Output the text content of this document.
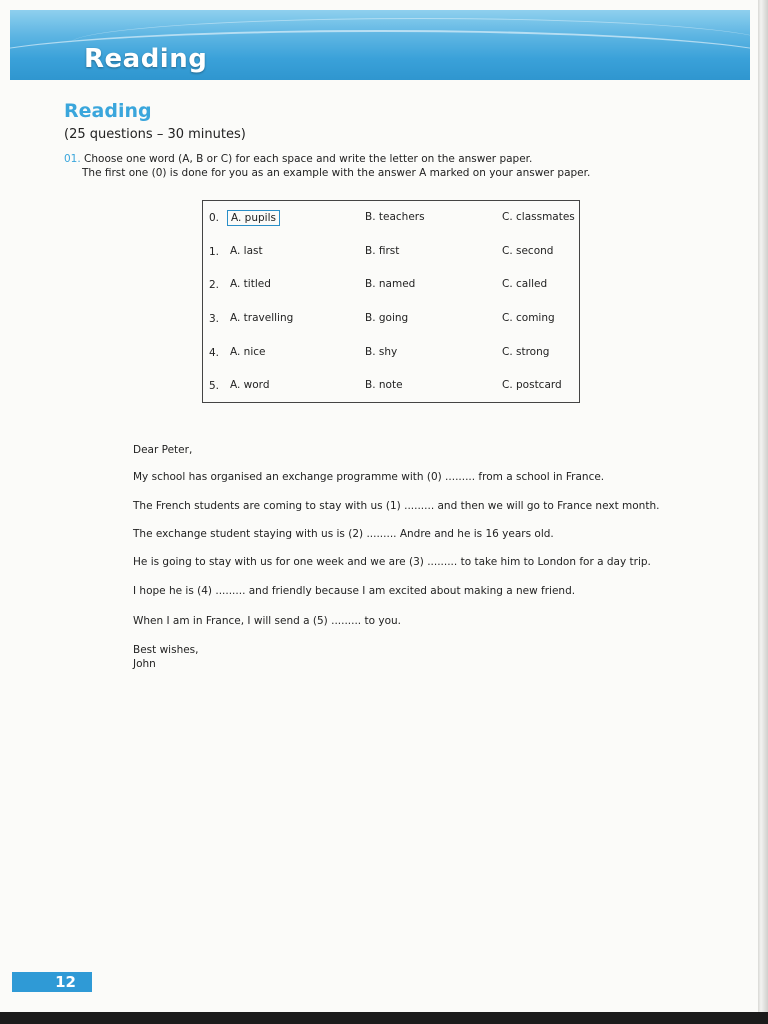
Reading
Reading
(25 questions – 30 minutes)
01. Choose one word (A, B or C) for each space and write the letter on the answer paper.
The first one (0) is done for you as an example with the answer A marked on your answer paper.
0.	A. pupils	B. teachers	C. classmates
1. A. last	B. first	C. second
2. A. titled	B. named	C. called
3. A. travelling	B. going	C. coming
4. A. nice	B. shy	C. strong
5. A. word	B. note	C. postcard

Dear Peter,

My school has organised an exchange programme with (0) ......... from a school in France.

The French students are coming to stay with us (1) ......... and then we will go to France next month.

The exchange student staying with us is (2) ......... Andre and he is 16 years old.

He is going to stay with us for one week and we are (3) ......... to take him to London for a day trip.

I hope he is (4) ......... and friendly because I am excited about making a new friend.

When I am in France, I will send a (5) ......... to you.

Best wishes,

John

12
